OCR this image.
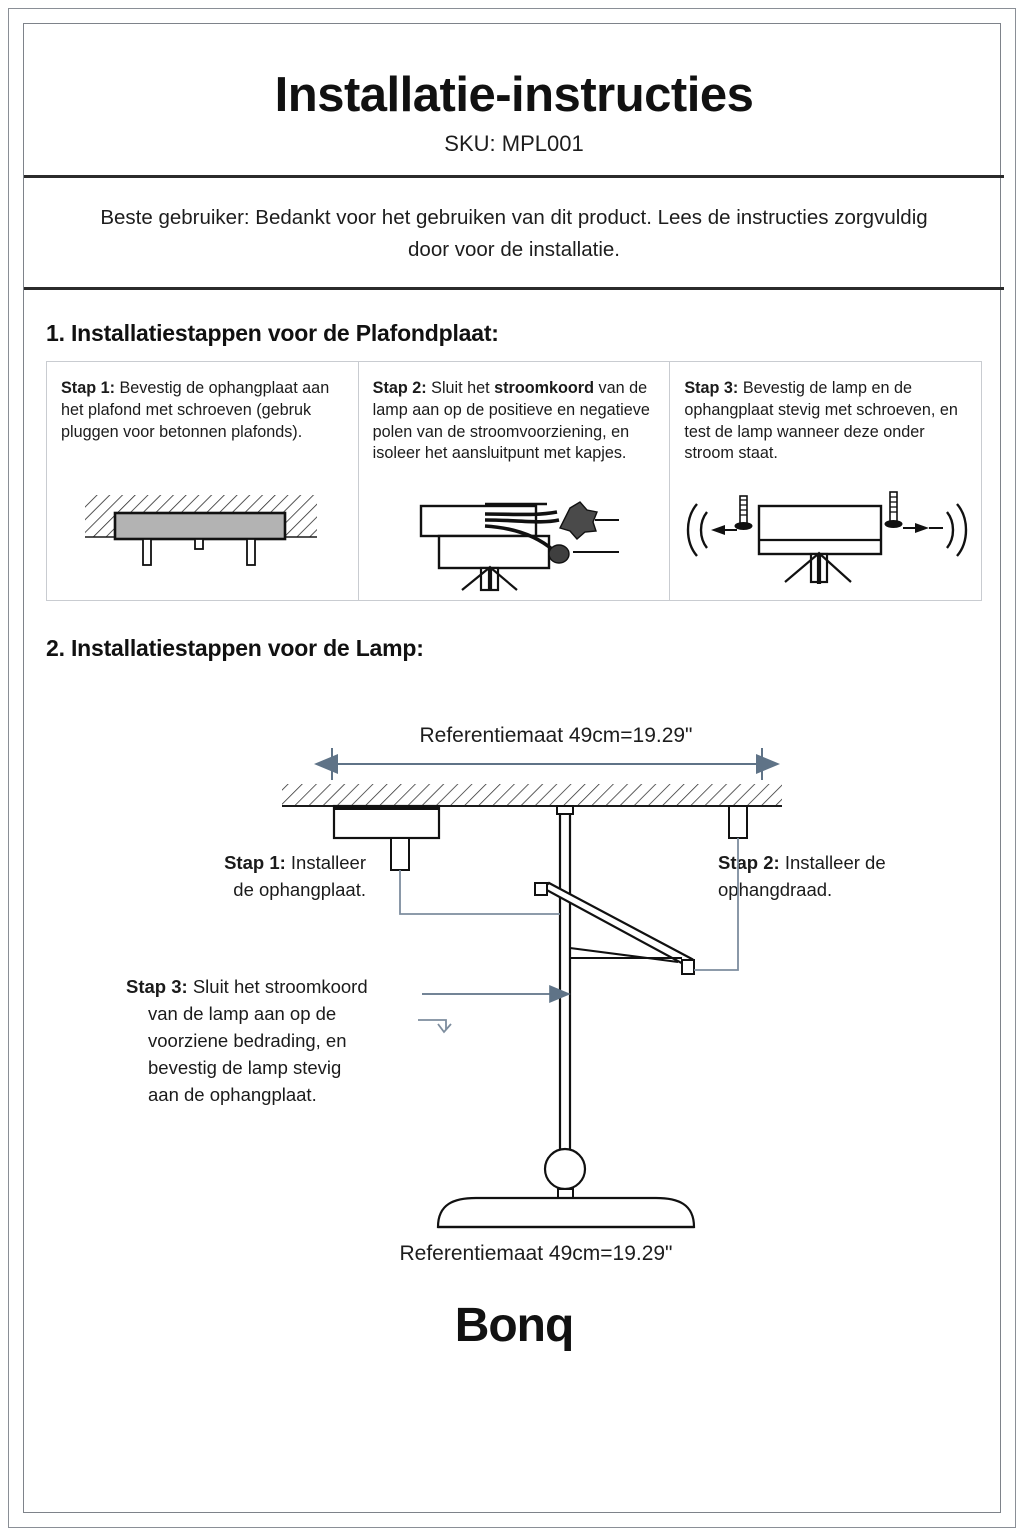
Installatie-instructies
SKU: MPL001
Beste gebruiker: Bedankt voor het gebruiken van dit product. Lees de instructies zorgvuldig door voor de installatie.
1. Installatiestappen voor de Plafondplaat:
Stap 1: Bevestig de ophangplaat aan het plafond met schroeven (gebruk pluggen voor betonnen plafonds).
Stap 2: Sluit het stroomkoord van de lamp aan op de positieve en negatieve polen van de stroomvoorziening, en isoleer het aansluitpunt met kapjes.
Stap 3: Bevestig de lamp en de ophangplaat stevig met schroeven, en test de lamp wanneer deze onder stroom staat.
2. Installatiestappen voor de Lamp:
Referentiemaat 49cm=19.29"
Stap 1: Installeer
de ophangplaat.
Stap 2: Installeer de
ophangdraad.
Stap 3: Sluit het stroomkoord
van de lamp aan op de
voorziene bedrading, en
bevestig de lamp stevig
aan de ophangplaat.
Referentiemaat 49cm=19.29"
Bonq
